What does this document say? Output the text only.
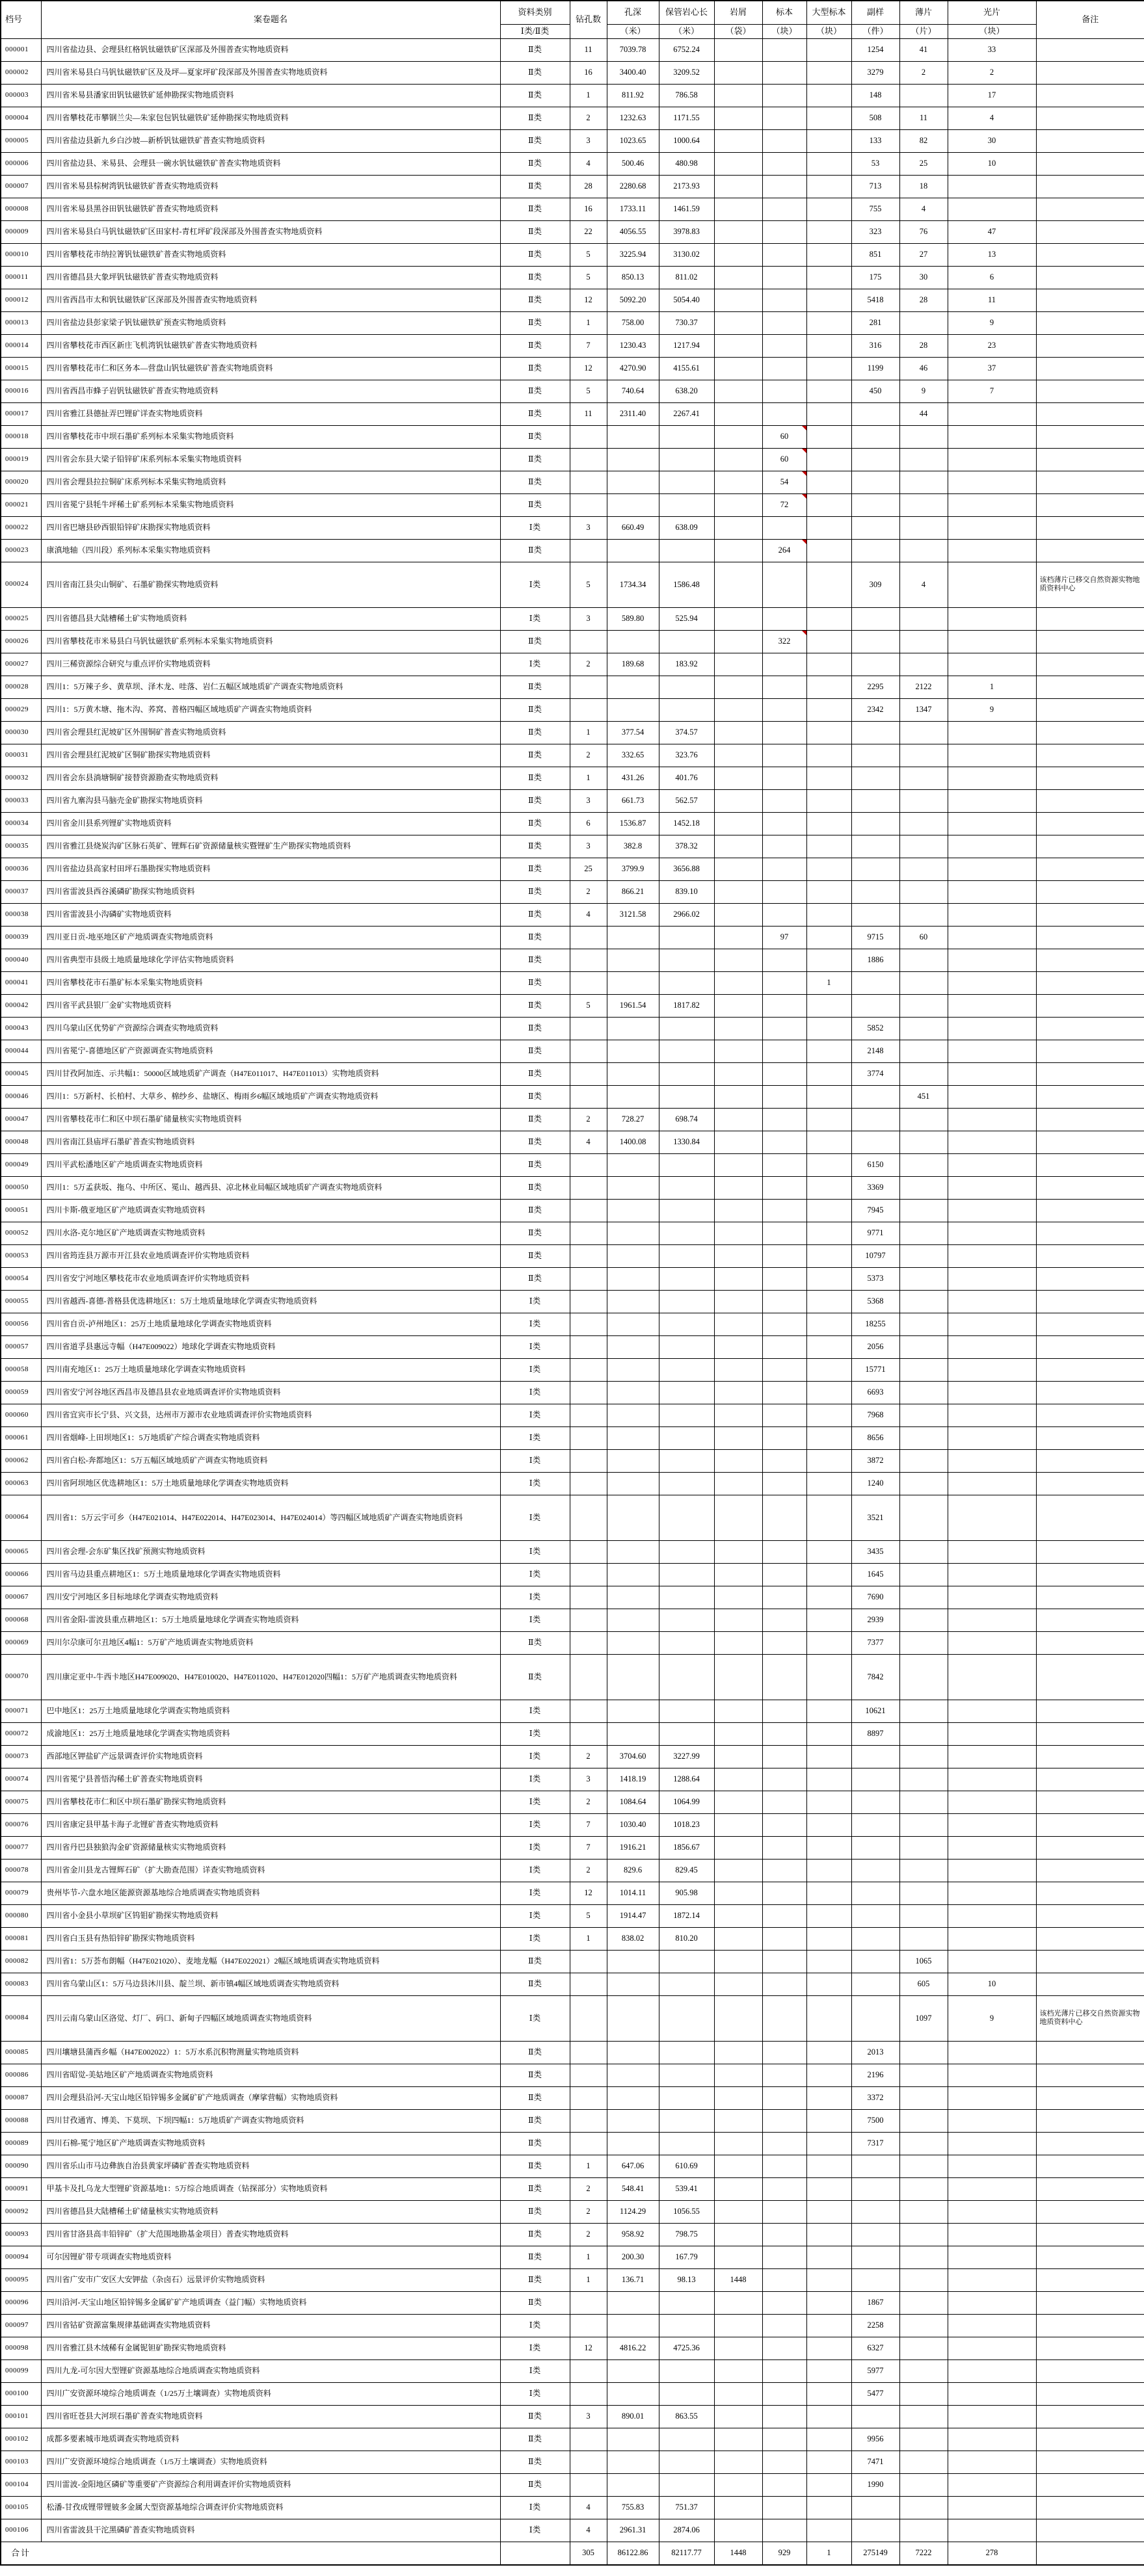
档号	案卷题名	资料类别	钻孔数	孔深	保管岩心长	岩屑	标本	大型标本	副样	薄片	光片	备注
		Ⅰ类/Ⅱ类		（米）	（米）	（袋）	（块）	（块）	（件）	（片）	（块）	
000001	四川省盐边县、会理县红格钒钛磁铁矿区深部及外围普查实物地质资料	Ⅱ类	11	7039.78	6752.24				1254	41	33	
000002	四川省米易县白马钒钛磁铁矿区及及坪—夏家坪矿段深部及外围普查实物地质资料	Ⅱ类	16	3400.40	3209.52				3279	2	2	
000003	四川省米易县潘家田钒钛磁铁矿延伸勘探实物地质资料	Ⅱ类	1	811.92	786.58				148		17	
000004	四川省攀枝花市攀钢兰尖—朱家包包钒钛磁铁矿延伸勘探实物地质资料	Ⅱ类	2	1232.63	1171.55				508	11	4	
000005	四川省盐边县新九乡白沙坡—新桥钒钛磁铁矿普查实物地质资料	Ⅱ类	3	1023.65	1000.64				133	82	30	
000006	四川省盐边县、米易县、会理县一碗水钒钛磁铁矿普查实物地质资料	Ⅱ类	4	500.46	480.98				53	25	10	
000007	四川省米易县棕树湾钒钛磁铁矿普查实物地质资料	Ⅱ类	28	2280.68	2173.93				713	18		
000008	四川省米易县黑谷田钒钛磁铁矿普查实物地质资料	Ⅱ类	16	1733.11	1461.59				755	4		
000009	四川省米易县白马钒钛磁铁矿区田家村-青杠坪矿段深部及外围普查实物地质资料	Ⅱ类	22	4056.55	3978.83				323	76	47	
000010	四川省攀枝花市纳拉箐钒钛磁铁矿普查实物地质资料	Ⅱ类	5	3225.94	3130.02				851	27	13	
000011	四川省德昌县大象坪钒钛磁铁矿普查实物地质资料	Ⅱ类	5	850.13	811.02				175	30	6	
000012	四川省西昌市太和钒钛磁铁矿区深部及外围普查实物地质资料	Ⅱ类	12	5092.20	5054.40				5418	28	11	
000013	四川省盐边县彭家梁子钒钛磁铁矿预查实物地质资料	Ⅱ类	1	758.00	730.37				281		9	
000014	四川省攀枝花市西区新庄飞机湾钒钛磁铁矿普查实物地质资料	Ⅱ类	7	1230.43	1217.94				316	28	23	
000015	四川省攀枝花市仁和区务本—营盘山钒钛磁铁矿普查实物地质资料	Ⅱ类	12	4270.90	4155.61				1199	46	37	
000016	四川省西昌市蜂子岩钒钛磁铁矿普查实物地质资料	Ⅱ类	5	740.64	638.20				450	9	7	
000017	四川省雅江县德扯弄巴锂矿详查实物地质资料	Ⅱ类	11	2311.40	2267.41					44		
000018	四川省攀枝花市中坝石墨矿系列标本采集实物地质资料	Ⅱ类					60

000019	四川省会东县大梁子铅锌矿床系列标本采集实物地质资料	Ⅱ类					60

000020	四川省会理县拉拉铜矿床系列标本采集实物地质资料	Ⅱ类					54

000021	四川省冕宁县牦牛坪稀土矿系列标本采集实物地质资料	Ⅱ类					72

000022	四川省巴塘县砂西银铅锌矿床勘探实物地质资料	Ⅰ类	3	660.49	638.09							
000023	康滇地轴（四川段）系列标本采集实物地质资料	Ⅱ类					264

000024	四川省南江县尖山铜矿、石墨矿勘探实物地质资料	Ⅰ类	5	1734.34	1586.48				309	4		该档薄片已移交自然资源实物地质资料中心
000025	四川省德昌县大陆槽稀土矿实物地质资料	Ⅰ类	3	589.80	525.94							
000026	四川省攀枝花市米易县白马钒钛磁铁矿系列标本采集实物地质资料	Ⅱ类					322

000027	四川三稀资源综合研究与重点评价实物地质资料	Ⅰ类	2	189.68	183.92							
000028	四川1：5万辣子乡、黄草坝、泽木龙、哇落、岩仁五幅区域地质矿产调查实物地质资料	Ⅱ类							2295	2122	1	
000029	四川1：5万黄木塘、拖木沟、荞窝、普格四幅区域地质矿产调查实物地质资料	Ⅱ类							2342	1347	9	
000030	四川省会理县红泥坡矿区外围铜矿普查实物地质资料	Ⅱ类	1	377.54	374.57							
000031	四川省会理县红泥坡矿区铜矿勘探实物地质资料	Ⅱ类	2	332.65	323.76							
000032	四川省会东县淌塘铜矿接替资源勘查实物地质资料	Ⅱ类	1	431.26	401.76							
000033	四川省九寨沟县马脑壳金矿勘探实物地质资料	Ⅱ类	3	661.73	562.57							
000034	四川省金川县系列锂矿实物地质资料	Ⅱ类	6	1536.87	1452.18							
000035	四川省雅江县烧炭沟矿区脉石英矿、锂辉石矿资源储量核实暨锂矿生产勘探实物地质资料	Ⅱ类	3	382.8	378.32							
000036	四川省盐边县高家村田坪石墨勘探实物地质资料	Ⅱ类	25	3799.9	3656.88							
000037	四川省雷波县西谷溪磷矿勘探实物地质资料	Ⅱ类	2	866.21	839.10							
000038	四川省雷波县小沟磷矿实物地质资料	Ⅱ类	4	3121.58	2966.02							
000039	四川亚日贡-地巫地区矿产地质调查实物地质资料	Ⅱ类					97		9715	60		
000040	四川省典型市县级土地质量地球化学评估实物地质资料	Ⅱ类							1886			
000041	四川省攀枝花市石墨矿标本采集实物地质资料	Ⅱ类						1				
000042	四川省平武县银厂金矿实物地质资料	Ⅱ类	5	1961.54	1817.82							
000043	四川乌蒙山区优势矿产资源综合调查实物地质资料	Ⅱ类							5852			
000044	四川省冕宁-喜德地区矿产资源调查实物地质资料	Ⅱ类							2148			
000045	四川甘孜阿加连、示共幅1：50000区域地质矿产调查（H47E011017、H47E011013）实物地质资料	Ⅱ类							3774			
000046	四川1：5万新村、长柏村、大草乡、棉纱乡、盐塘区、梅雨乡6幅区域地质矿产调查实物地质资料	Ⅱ类								451		
000047	四川省攀枝花市仁和区中坝石墨矿储量核实实物地质资料	Ⅱ类	2	728.27	698.74							
000048	四川省南江县庙坪石墨矿普查实物地质资料	Ⅱ类	4	1400.08	1330.84							
000049	四川平武松潘地区矿产地质调查实物地质资料	Ⅱ类							6150			
000050	四川1：5万孟获坂、拖乌、中所区、冕山、越西县、凉北林业局幅区域地质矿产调查实物地质资料	Ⅱ类							3369			
000051	四川卡斯-俄亚地区矿产地质调查实物地质资料	Ⅱ类							7945			
000052	四川水洛-克尔地区矿产地质调查实物地质资料	Ⅱ类							9771			
000053	四川省筠连县万源市开江县农业地质调查评价实物地质资料	Ⅱ类							10797			
000054	四川省安宁河地区攀枝花市农业地质调查评价实物地质资料	Ⅱ类							5373			
000055	四川省越西-喜德-普格县优选耕地区1：5万土地质量地球化学调查实物地质资料	Ⅰ类							5368			
000056	四川省自贡-泸州地区1：25万土地质量地球化学调查实物地质资料	Ⅰ类							18255			
000057	四川省道孚县惠远寺幅（H47E009022）地球化学调查实物地质资料	Ⅰ类							2056			
000058	四川南充地区1：25万土地质量地球化学调查实物地质资料	Ⅰ类							15771			
000059	四川省安宁河谷地区西昌市及德昌县农业地质调查评价实物地质资料	Ⅰ类							6693			
000060	四川省宜宾市长宁县、兴文县，达州市万源市农业地质调查评价实物地质资料	Ⅰ类							7968			
000061	四川省烟峰-上田坝地区1：5万地质矿产综合调查实物地质资料	Ⅰ类							8656			
000062	四川省白松-奔都地区1：5万五幅区域地质矿产调查实物地质资料	Ⅰ类							3872			
000063	四川省阿坝地区优选耕地区1：5万土地质量地球化学调查实物地质资料	Ⅰ类							1240			
000064	四川省1：5万云宇可乡（H47E021014、H47E022014、H47E023014、H47E024014）等四幅区域地质矿产调查实物地质资料	Ⅰ类							3521			
000065	四川省会理-会东矿集区找矿预测实物地质资料	Ⅰ类							3435			
000066	四川省马边县重点耕地区1：5万土地质量地球化学调查实物地质资料	Ⅰ类							1645			
000067	四川安宁河地区多目标地球化学调查实物地质资料	Ⅰ类							7690			
000068	四川省金阳-雷波县重点耕地区1：5万土地质量地球化学调查实物地质资料	Ⅰ类							2939			
000069	四川尔尕康可尔丑地区4幅1：5万矿产地质调查实物地质资料	Ⅱ类							7377			
000070	四川康定亚中-牛西卡地区H47E009020、H47E010020、H47E011020、H47E012020四幅1：5万矿产地质调查实物地质资料	Ⅱ类							7842			
000071	巴中地区1：25万土地质量地球化学调查实物地质资料	Ⅰ类							10621			
000072	成渝地区1：25万土地质量地球化学调查实物地质资料	Ⅰ类							8897			
000073	西部地区钾盐矿产远景调查评价实物地质资料	Ⅰ类	2	3704.60	3227.99							
000074	四川省冕宁县普悟沟稀土矿普查实物地质资料	Ⅰ类	3	1418.19	1288.64							
000075	四川省攀枝花市仁和区中坝石墨矿勘探实物地质资料	Ⅰ类	2	1084.64	1064.99							
000076	四川省康定县甲基卡海子北锂矿普查实物地质资料	Ⅰ类	7	1030.40	1018.23							
000077	四川省丹巴县独狼沟金矿资源储量核实实物地质资料	Ⅰ类	7	1916.21	1856.67							
000078	四川省金川县龙古锂辉石矿（扩大勘查范围）详查实物地质资料	Ⅰ类	2	829.6	829.45							
000079	贵州毕节-六盘水地区能源资源基地综合地质调查实物地质资料	Ⅰ类	12	1014.11	905.98							
000080	四川省小金县小草坝矿区钨钼矿勘探实物地质资料	Ⅰ类	5	1914.47	1872.14							
000081	四川省白玉县有热铅锌矿勘探实物地质资料	Ⅰ类	1	838.02	810.20							
000082	四川省1：5万荟布朗幅（H47E021020）、麦地龙幅（H47E022021）2幅区域地质调查实物地质资料	Ⅱ类								1065		
000083	四川省乌蒙山区1：5万马边县沐川县、靛兰坝、新市镇4幅区域地质调查实物地质资料	Ⅱ类								605	10	
000084	四川云南乌蒙山区洛觉、灯厂、码口、新甸子四幅区域地质调查实物地质资料	Ⅰ类								1097	9	该档光薄片已移交自然资源实物地质资料中心
000085	四川壤塘县蒲西乡幅（H47E002022）1：5万水系沉积物测量实物地质资料	Ⅱ类							2013			
000086	四川省昭觉-美姑地区矿产地质调查实物地质资料	Ⅱ类							2196			
000087	四川会理县沿河-天宝山地区铅锌锡多金属矿矿产地质调查（摩挲营幅）实物地质资料	Ⅱ类							3372			
000088	四川甘孜通宵、博美、下莫坝、下坝四幅1：5万地质矿产调查实物地质资料	Ⅱ类							7500			
000089	四川石棉-冕宁地区矿产地质调查实物地质资料	Ⅱ类							7317			
000090	四川省乐山市马边彝族自治县黄家坪磷矿普查实物地质资料	Ⅱ类	1	647.06	610.69							
000091	甲基卡及扎乌龙大型锂矿资源基地1：5万综合地质调查（钻探部分）实物地质资料	Ⅱ类	2	548.41	539.41							
000092	四川省德昌县大陆槽稀土矿储量核实实物地质资料	Ⅱ类	2	1124.29	1056.55							
000093	四川省甘洛县高丰铅锌矿（扩大范围地勘基金项目）普查实物地质资料	Ⅱ类	2	958.92	798.75							
000094	可尔因锂矿带专项调查实物地质资料	Ⅱ类	1	200.30	167.79							
000095	四川省广安市广安区大安钾盐（杂卤石）远景评价实物地质资料	Ⅱ类	1	136.71	98.13	1448						
000096	四川沿河-天宝山地区铅锌锡多金属矿矿产地质调查（益门幅）实物地质资料	Ⅱ类							1867			
000097	四川省钴矿资源富集规律基础调查实物地质资料	Ⅰ类							2258			
000098	四川省雅江县木绒稀有金属铌钽矿勘探实物地质资料	Ⅰ类	12	4816.22	4725.36				6327			
000099	四川九龙-可尔因大型锂矿资源基地综合地质调查实物地质资料	Ⅰ类							5977			
000100	四川广安资源环境综合地质调查（1/25万土壤调查）实物地质资料	Ⅰ类							5477			
000101	四川省旺苍县大河坝石墨矿普查实物地质资料	Ⅱ类	3	890.01	863.55							
000102	成都多要素城市地质调查实物地质资料	Ⅱ类							9956			
000103	四川广安资源环境综合地质调查（1/5万土壤调查）实物地质资料	Ⅱ类							7471			
000104	四川雷波-金阳地区磷矿等重要矿产资源综合利用调查评价实物地质资料	Ⅱ类							1990			
000105	松潘-甘孜成锂带锂铍多金属大型资源基地综合调查评价实物地质资料	Ⅰ类	4	755.83	751.37							
000106	四川省雷波县干沱黑磷矿普查实物地质资料	Ⅰ类	4	2961.31	2874.06							
合计			305	86122.86	82117.77	1448	929	1	275149	7222	278	
